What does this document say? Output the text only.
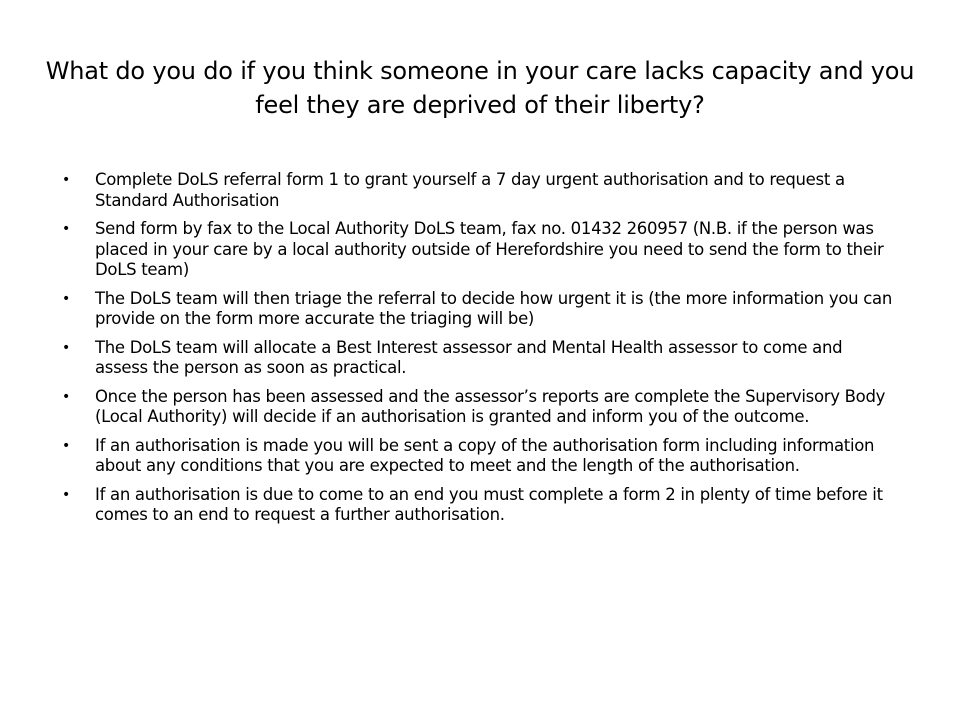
What do you do if you think someone in your care lacks capacity and you feel they are deprived of their liberty?
• Complete DoLS referral form 1 to grant yourself a 7 day urgent authorisation and to request a Standard Authorisation
• Send form by fax to the Local Authority DoLS team, fax no. 01432 260957 (N.B. if the person was placed in your care by a local authority outside of Herefordshire you need to send the form to their DoLS team)
• The DoLS team will then triage the referral to decide how urgent it is (the more information you can provide on the form more accurate the triaging will be)
• The DoLS team will allocate a Best Interest assessor and Mental Health assessor to come and assess the person as soon as practical.
• Once the person has been assessed and the assessor’s reports are complete the Supervisory Body (Local Authority) will decide if an authorisation is granted and inform you of the outcome.
• If an authorisation is made you will be sent a copy of the authorisation form including information about any conditions that you are expected to meet and the length of the authorisation.
• If an authorisation is due to come to an end you must complete a form 2 in plenty of time before it comes to an end to request a further authorisation.
